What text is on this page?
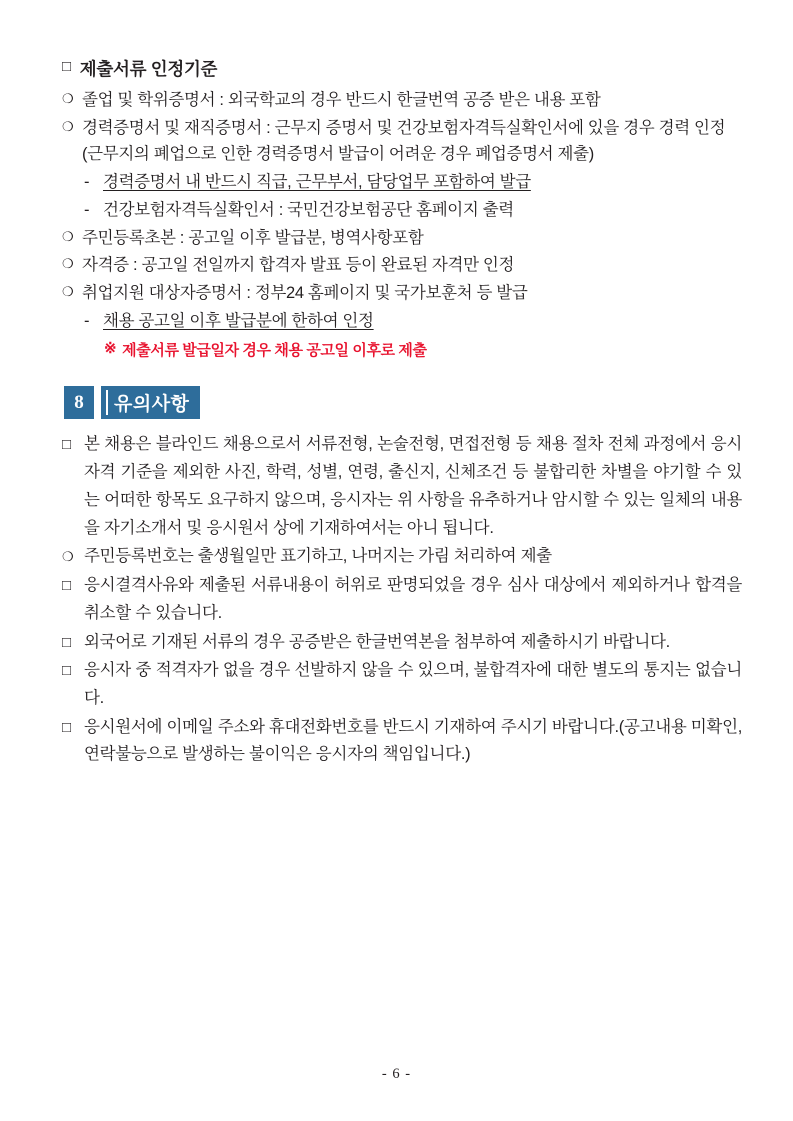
□ 제출서류 인정기준
❍ 졸업 및 학위증명서 : 외국학교의 경우 반드시 한글번역 공증 받은 내용 포함
❍ 경력증명서 및 재직증명서 : 근무지 증명서 및 건강보험자격득실확인서에 있을 경우 경력 인정 (근무지의 폐업으로 인한 경력증명서 발급이 어려운 경우 폐업증명서 제출)
- 경력증명서 내 반드시 직급, 근무부서, 담당업무 포함하여 발급
- 건강보험자격득실확인서 : 국민건강보험공단 홈페이지 출력
❍ 주민등록초본 : 공고일 이후 발급분, 병역사항포함
❍ 자격증 : 공고일 전일까지 합격자 발표 등이 완료된 자격만 인정
❍ 취업지원 대상자증명서 : 정부24 홈페이지 및 국가보훈처 등 발급
- 채용 공고일 이후 발급분에 한하여 인정
※ 제출서류 발급일자 경우 채용 공고일 이후로 제출
8	유의사항
□ 본 채용은 블라인드 채용으로서 서류전형, 논술전형, 면접전형 등 채용 절차 전체 과정에서 응시자격 기준을 제외한 사진, 학력, 성별, 연령, 출신지, 신체조건 등 불합리한 차별을 야기할 수 있는 어떠한 항목도 요구하지 않으며, 응시자는 위 사항을 유추하거나 암시할 수 있는 일체의 내용을 자기소개서 및 응시원서 상에 기재하여서는 아니 됩니다.
❍ 주민등록번호는 출생월일만 표기하고, 나머지는 가림 처리하여 제출
□ 응시결격사유와 제출된 서류내용이 허위로 판명되었을 경우 심사 대상에서 제외하거나 합격을 취소할 수 있습니다.
□ 외국어로 기재된 서류의 경우 공증받은 한글번역본을 첨부하여 제출하시기 바랍니다.
□ 응시자 중 적격자가 없을 경우 선발하지 않을 수 있으며, 불합격자에 대한 별도의 통지는 없습니다.
□ 응시원서에 이메일 주소와 휴대전화번호를 반드시 기재하여 주시기 바랍니다.(공고내용 미확인, 연락불능으로 발생하는 불이익은 응시자의 책임입니다.)
- 6 -
